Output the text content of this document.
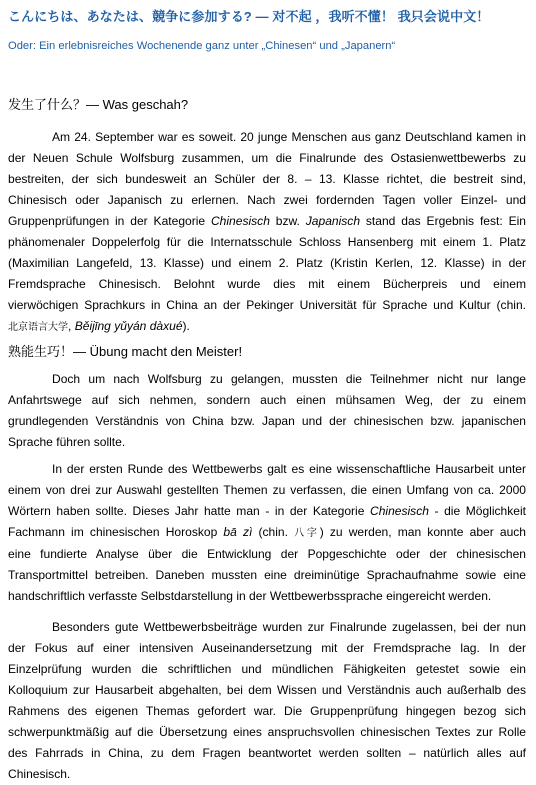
こんにちは、あなたは、競争に参加する? — 对不起 ，我听不懂！ 我只会说中文！
Oder: Ein erlebnisreiches Wochenende ganz unter „Chinesen“ und „Japanern“
发生了什么？— Was geschah?
Am 24. September war es soweit. 20 junge Menschen aus ganz Deutschland kamen in
der Neuen Schule Wolfsburg zusammen, um die Finalrunde des Ostasienwettbewerbs zu
bestreiten, der sich bundesweit an Schüler der 8. – 13. Klasse richtet, die bestreit sind,
Chinesisch oder Japanisch zu erlernen. Nach zwei fordernden Tagen voller Einzel- und
Gruppenprüfungen in der Kategorie Chinesisch bzw. Japanisch stand das Ergebnis fest: Ein
phänomenaler Doppelerfolg für die Internatsschule Schloss Hansenberg mit einem 1. Platz
(Maximilian Langefeld, 13. Klasse) und einem 2. Platz (Kristin Kerlen, 12. Klasse) in der
Fremdsprache Chinesisch. Belohnt wurde dies mit einem Bücherpreis und einem
vierwöchigen Sprachkurs in China an der Pekinger Universität für Sprache und Kultur (chin.
北京语言大学, Běijīng yǔyán dàxué).
熟能生巧！— Übung macht den Meister!
Doch um nach Wolfsburg zu gelangen, mussten die Teilnehmer nicht nur lange
Anfahrtswege auf sich nehmen, sondern auch einen mühsamen Weg, der zu einem
grundlegenden Verständnis von China bzw. Japan und der chinesischen bzw. japanischen
Sprache führen sollte.
In der ersten Runde des Wettbewerbs galt es eine wissenschaftliche Hausarbeit unter
einem von drei zur Auswahl gestellten Themen zu verfassen, die einen Umfang von ca. 2000
Wörtern haben sollte. Dieses Jahr hatte man - in der Kategorie Chinesisch - die Möglichkeit
Fachmann im chinesischen Horoskop bā zì (chin. 八字) zu werden, man konnte aber auch
eine fundierte Analyse über die Entwicklung der Popgeschichte oder der chinesischen
Transportmittel betreiben. Daneben mussten eine dreiminütige Sprachaufnahme sowie eine
handschriftlich verfasste Selbstdarstellung in der Wettbewerbssprache eingereicht werden.
Besonders gute Wettbewerbsbeiträge wurden zur Finalrunde zugelassen, bei der nun
der Fokus auf einer intensiven Auseinandersetzung mit der Fremdsprache lag. In der
Einzelprüfung wurden die schriftlichen und mündlichen Fähigkeiten getestet sowie ein
Kolloquium zur Hausarbeit abgehalten, bei dem Wissen und Verständnis auch außerhalb des
Rahmens des eigenen Themas gefordert war. Die Gruppenprüfung hingegen bezog sich
schwerpunktmäßig auf die Übersetzung eines anspruchsvollen chinesischen Textes zur Rolle
des Fahrrads in China, zu dem Fragen beantwortet werden sollten – natürlich alles auf
Chinesisch.
